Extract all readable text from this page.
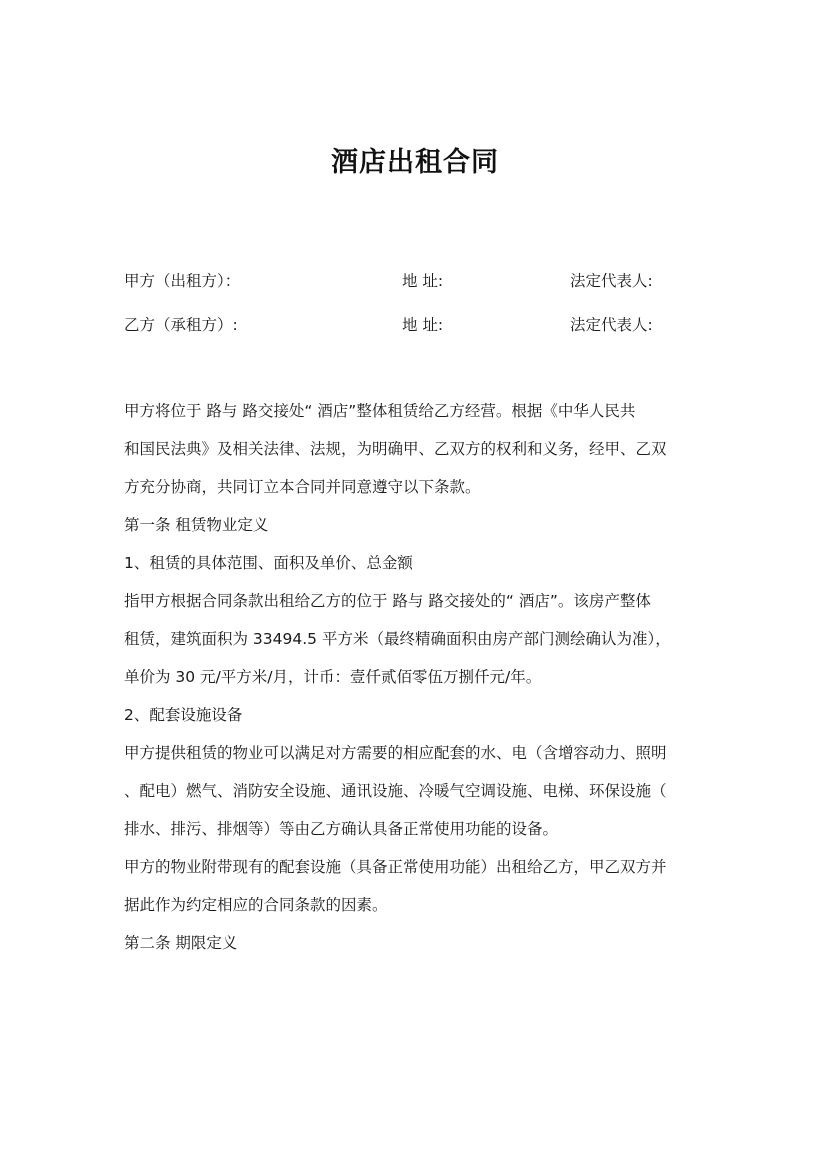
酒店出租合同
甲方（出租方）：	地 址:	法定代表人:
乙方（承租方）:	地 址:	法定代表人:

甲方将位于 路与 路交接处“ 酒店”整体租赁给乙方经营。根据《中华人民共

和国民法典》及相关法律、法规，为明确甲、乙双方的权利和义务，经甲、乙双

方充分协商，共同订立本合同并同意遵守以下条款。

第一条 租赁物业定义

1、租赁的具体范围、面积及单价、总金额

指甲方根据合同条款出租给乙方的位于 路与 路交接处的“ 酒店”。该房产整体

租赁，建筑面积为 33494.5 平方米（最终精确面积由房产部门测绘确认为准），

单价为 30 元/平方米/月，计币：壹仟贰佰零伍万捌仟元/年。

2、配套设施设备

甲方提供租赁的物业可以满足对方需要的相应配套的水、电（含增容动力、照明

、配电）燃气、消防安全设施、通讯设施、冷暖气空调设施、电梯、环保设施（

排水、排污、排烟等）等由乙方确认具备正常使用功能的设备。

甲方的物业附带现有的配套设施（具备正常使用功能）出租给乙方，甲乙双方并

据此作为约定相应的合同条款的因素。

第二条 期限定义
